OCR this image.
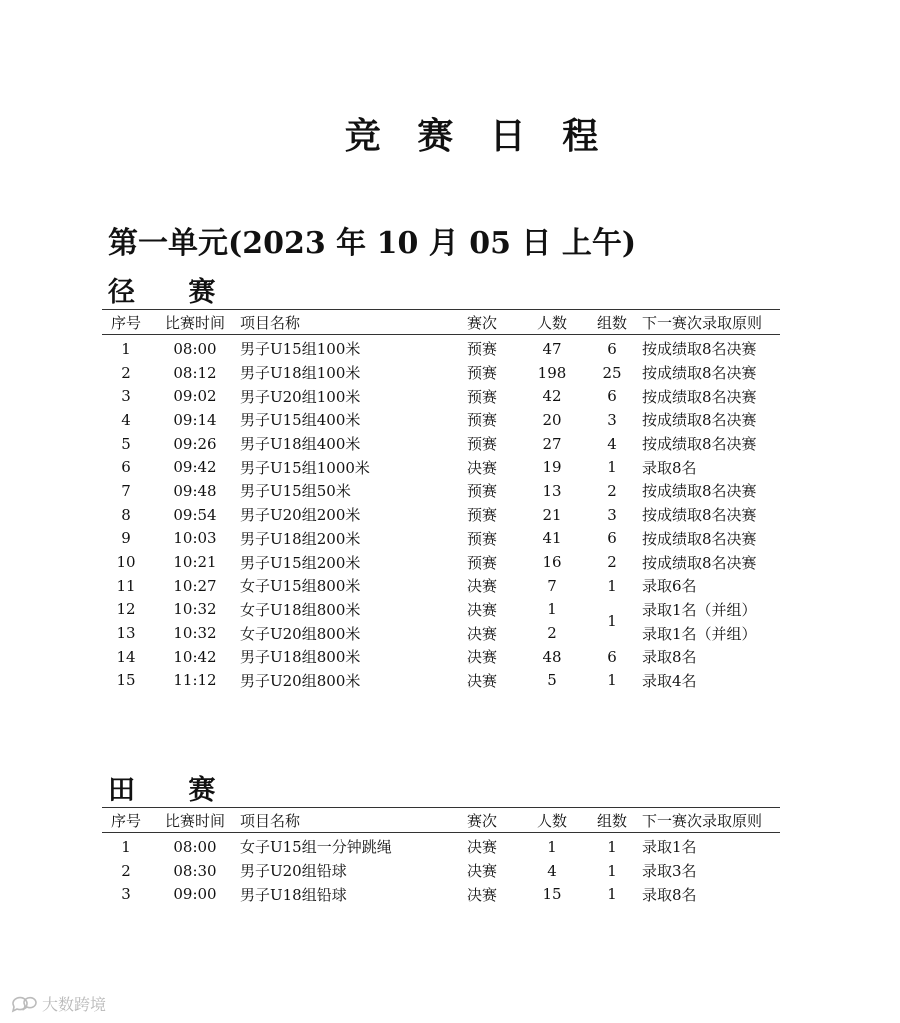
竞 赛 日 程
第一单元(2023 年 10 月 05 日 上午)
径 赛
序号	比赛时间	项目名称	赛次	人数	组数	下一赛次录取原则
1	08:00	男子U15组100米	预赛	47	6	按成绩取8名决赛
2	08:12	男子U18组100米	预赛	198	25	按成绩取8名决赛
3	09:02	男子U20组100米	预赛	42	6	按成绩取8名决赛
4	09:14	男子U15组400米	预赛	20	3	按成绩取8名决赛
5	09:26	男子U18组400米	预赛	27	4	按成绩取8名决赛
6	09:42	男子U15组1000米	决赛	19	1	录取8名
7	09:48	男子U15组50米	预赛	13	2	按成绩取8名决赛
8	09:54	男子U20组200米	预赛	21	3	按成绩取8名决赛
9	10:03	男子U18组200米	预赛	41	6	按成绩取8名决赛
10	10:21	男子U15组200米	预赛	16	2	按成绩取8名决赛
11	10:27	女子U15组800米	决赛	7	1	录取6名
12	10:32	女子U18组800米	决赛	1	1	录取1名（并组）
13	10:32	女子U20组800米	决赛	2		录取1名（并组）
14	10:42	男子U18组800米	决赛	48	6	录取8名
15	11:12	男子U20组800米	决赛	5	1	录取4名
田 赛
序号	比赛时间	项目名称	赛次	人数	组数	下一赛次录取原则
1	08:00	女子U15组一分钟跳绳	决赛	1	1	录取1名
2	08:30	男子U20组铅球	决赛	4	1	录取3名
3	09:00	男子U18组铅球	决赛	15	1	录取8名
大数跨境
